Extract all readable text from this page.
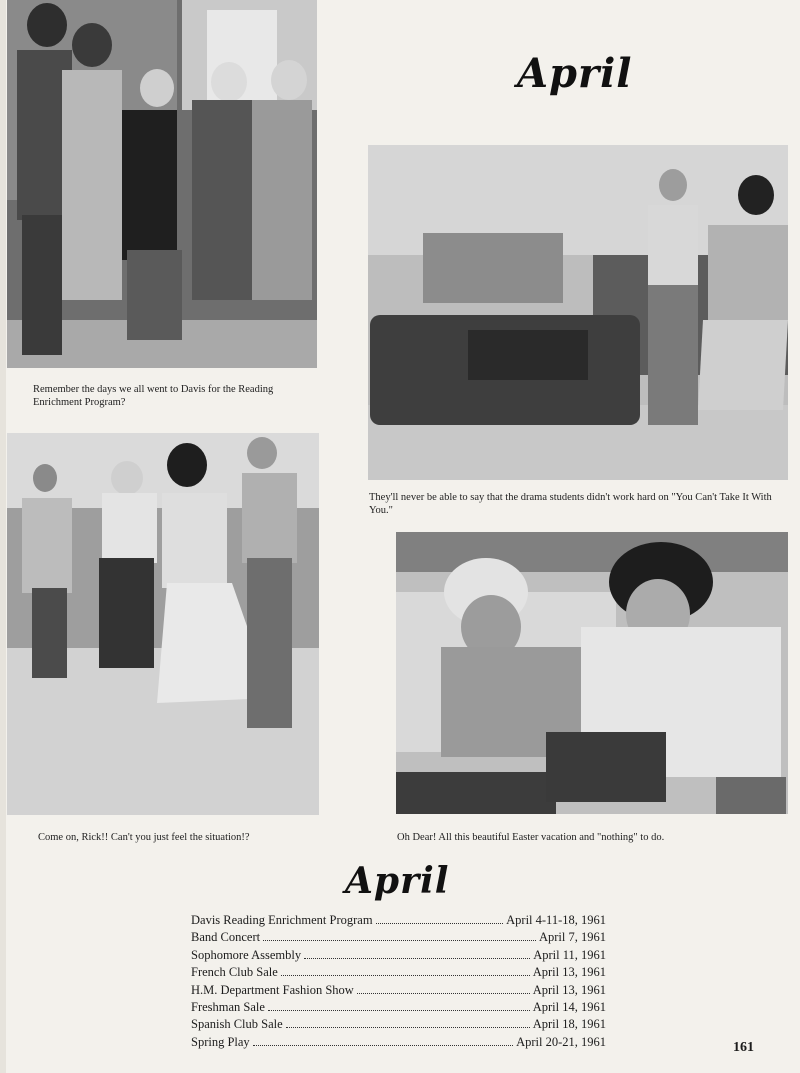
April
Remember the days we all went to Davis for the Reading Enrichment Program?
They'll never be able to say that the drama students didn't work hard on "You Can't Take It With You."
Come on, Rick!! Can't you just feel the situation!?	Oh Dear! All this beautiful Easter vacation and "nothing" to do.
April
Davis Reading Enrichment Program	April 4-11-18, 1961
Band Concert	April 7, 1961
Sophomore Assembly	April 11, 1961
French Club Sale	April 13, 1961
H.M. Department Fashion Show	April 13, 1961
Freshman Sale	April 14, 1961
Spanish Club Sale	April 18, 1961
Spring Play	April 20-21, 1961	161
